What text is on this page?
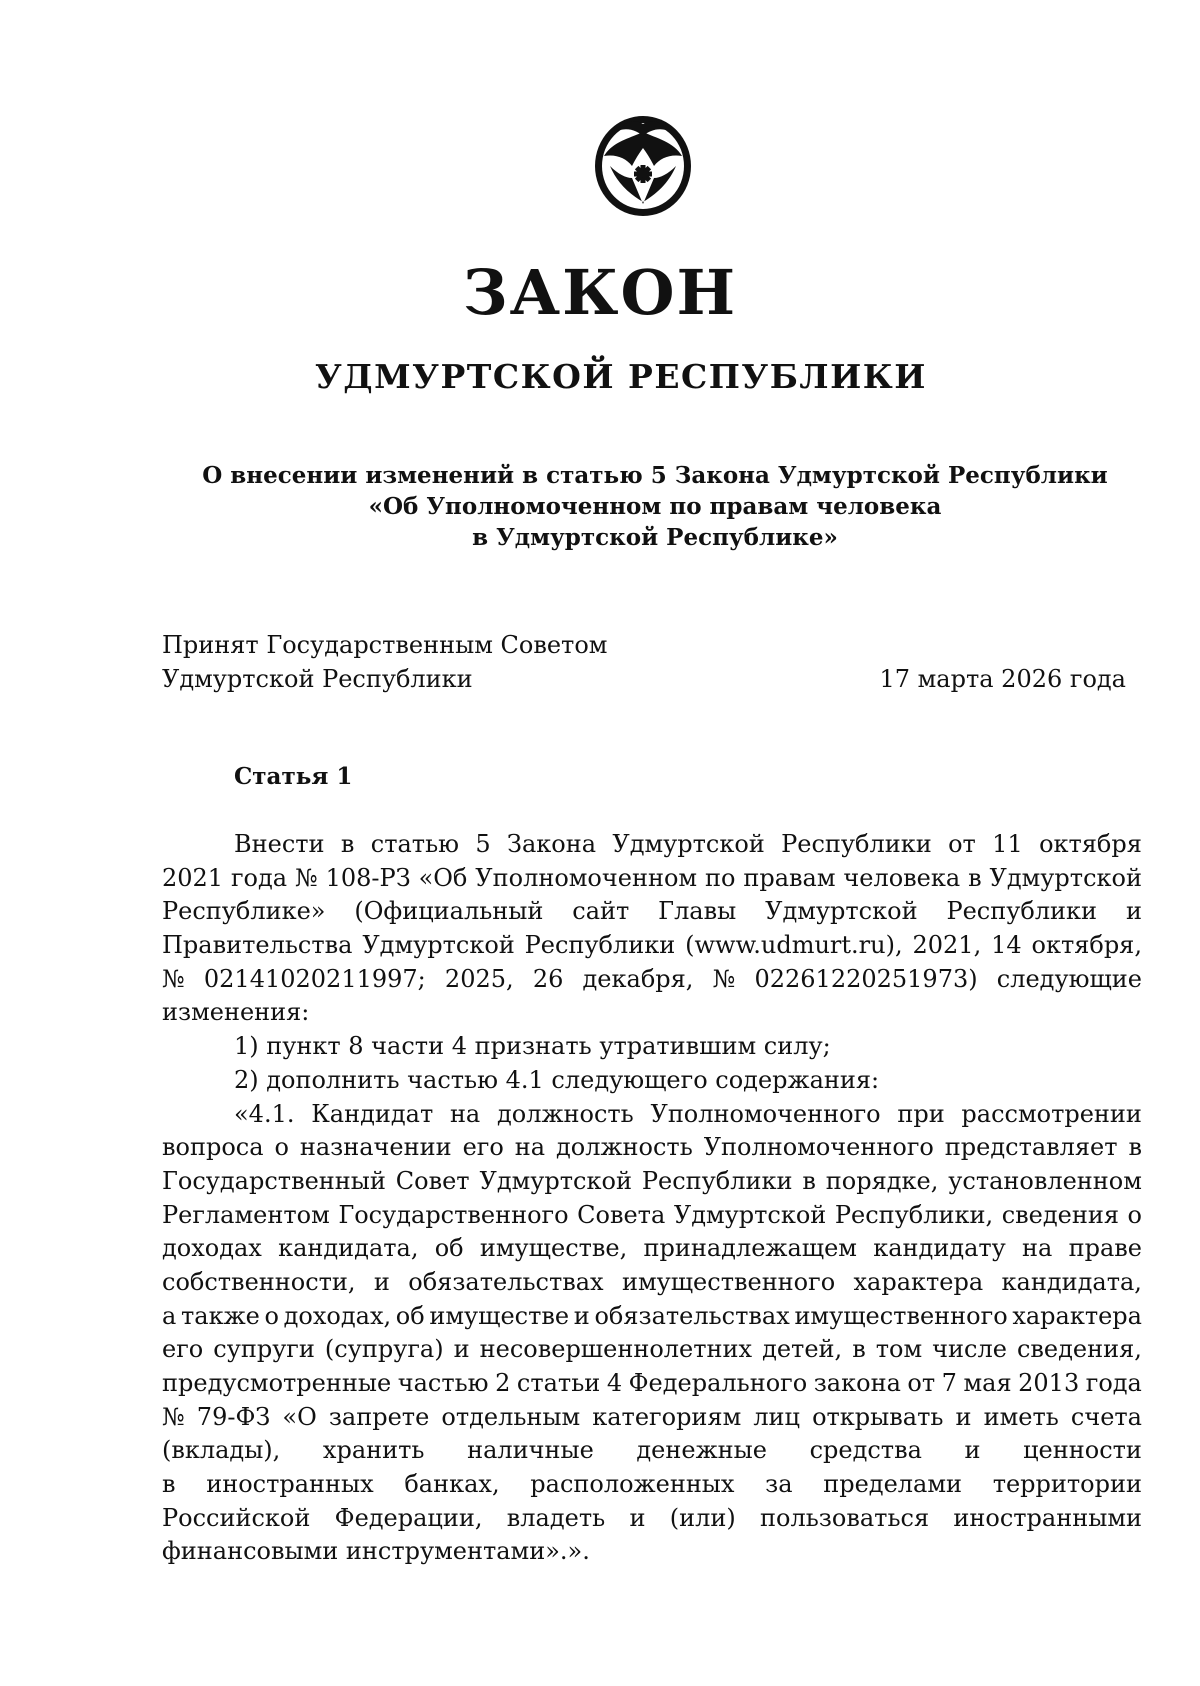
ЗАКОН
УДМУРТСКОЙ РЕСПУБЛИКИ
О внесении изменений в статью 5 Закона Удмуртской Республики
«Об Уполномоченном по правам человека
в Удмуртской Республике»
Принят Государственным Советом
Удмуртской Республики	17 марта 2026 года
Статья 1
Внести в статью 5 Закона Удмуртской Республики от 11 октября
2021 года № 108-РЗ «Об Уполномоченном по правам человека в Удмуртской
Республике» (Официальный сайт Главы Удмуртской Республики и
Правительства Удмуртской Республики (www.udmurt.ru), 2021, 14 октября,
№ 02141020211997; 2025, 26 декабря, № 02261220251973) следующие
изменения:
1) пункт 8 части 4 признать утратившим силу;
2) дополнить частью 4.1 следующего содержания:
«4.1. Кандидат на должность Уполномоченного при рассмотрении
вопроса о назначении его на должность Уполномоченного представляет в
Государственный Совет Удмуртской Республики в порядке, установленном
Регламентом Государственного Совета Удмуртской Республики, сведения о
доходах кандидата, об имуществе, принадлежащем кандидату на праве
собственности, и обязательствах имущественного характера кандидата,
а также о доходах, об имуществе и обязательствах имущественного характера
его супруги (супруга) и несовершеннолетних детей, в том числе сведения,
предусмотренные частью 2 статьи 4 Федерального закона от 7 мая 2013 года
№ 79-ФЗ «О запрете отдельным категориям лиц открывать и иметь счета
(вклады), хранить наличные денежные средства и ценности
в иностранных банках, расположенных за пределами территории
Российской Федерации, владеть и (или) пользоваться иностранными
финансовыми инструментами».».
